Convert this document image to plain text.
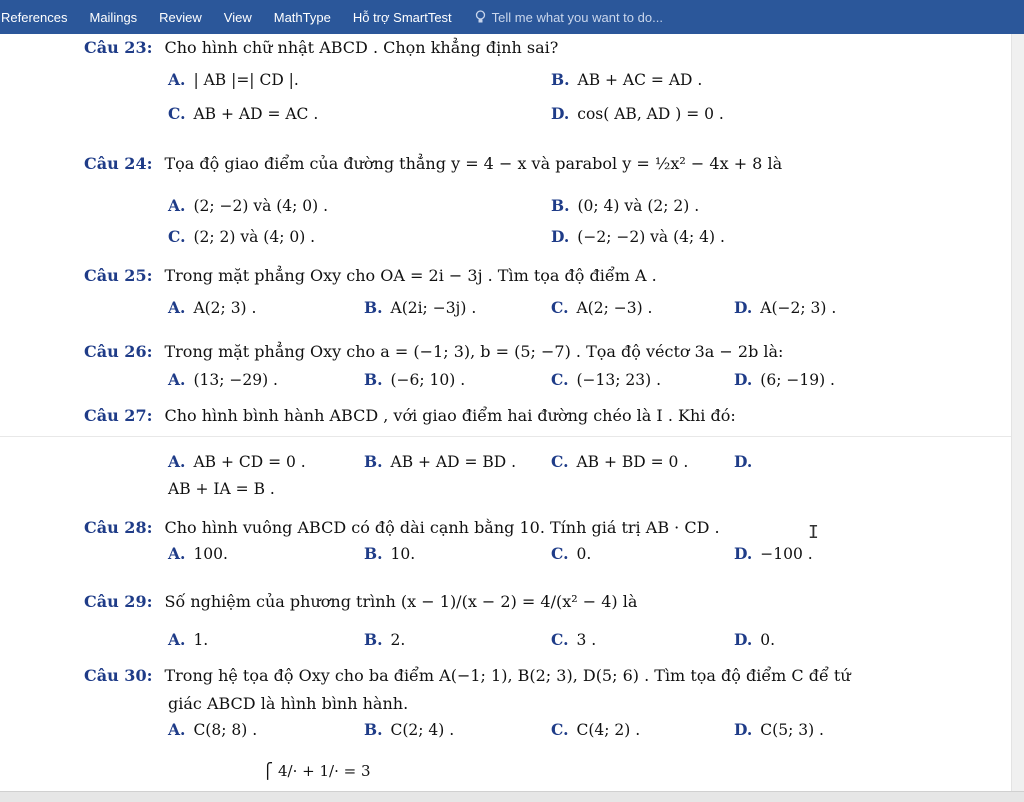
References	Mailings	Review	View	MathType	Hỗ trợ SmartTest	Tell me what you want to do...
Câu 23: Cho hình chữ nhật ABCD . Chọn khẳng định sai?
A. | AB |=| CD |.	B. AB + AC = AD .
C. AB + AD = AC .	D. cos( AB, AD ) = 0 .
Câu 24: Tọa độ giao điểm của đường thẳng y = 4 − x và parabol y = ½x² − 4x + 8 là
A. (2; −2) và (4; 0) .	B. (0; 4) và (2; 2) .
C. (2; 2) và (4; 0) .	D. (−2; −2) và (4; 4) .
Câu 25: Trong mặt phẳng Oxy cho OA = 2i − 3j . Tìm tọa độ điểm A .
A. A(2; 3) .	B. A(2i; −3j) .	C. A(2; −3) .	D. A(−2; 3) .
Câu 26: Trong mặt phẳng Oxy cho a = (−1; 3), b = (5; −7) . Tọa độ véctơ 3a − 2b là:
A. (13; −29) .	B. (−6; 10) .	C. (−13; 23) .	D. (6; −19) .
Câu 27: Cho hình bình hành ABCD , với giao điểm hai đường chéo là I . Khi đó:
A. AB + CD = 0 .	B. AB + AD = BD . C. AB + BD = 0 .	D.
AB + IA = B .
I
Câu 28: Cho hình vuông ABCD có độ dài cạnh bằng 10. Tính giá trị AB · CD .
A. 100.	B. 10.	C. 0.	D. −100 .
Câu 29: Số nghiệm của phương trình (x − 1)/(x − 2) = 4/(x² − 4) là
A. 1.	B. 2.	C. 3 .	D. 0.
Câu 30: Trong hệ tọa độ Oxy cho ba điểm A(−1; 1), B(2; 3), D(5; 6) . Tìm tọa độ điểm C để tứ
giác ABCD là hình bình hành.
A. C(8; 8) .	B. C(2; 4) .	C. C(4; 2) .	D. C(5; 3) .
⎧ 4/· + 1/· = 3
